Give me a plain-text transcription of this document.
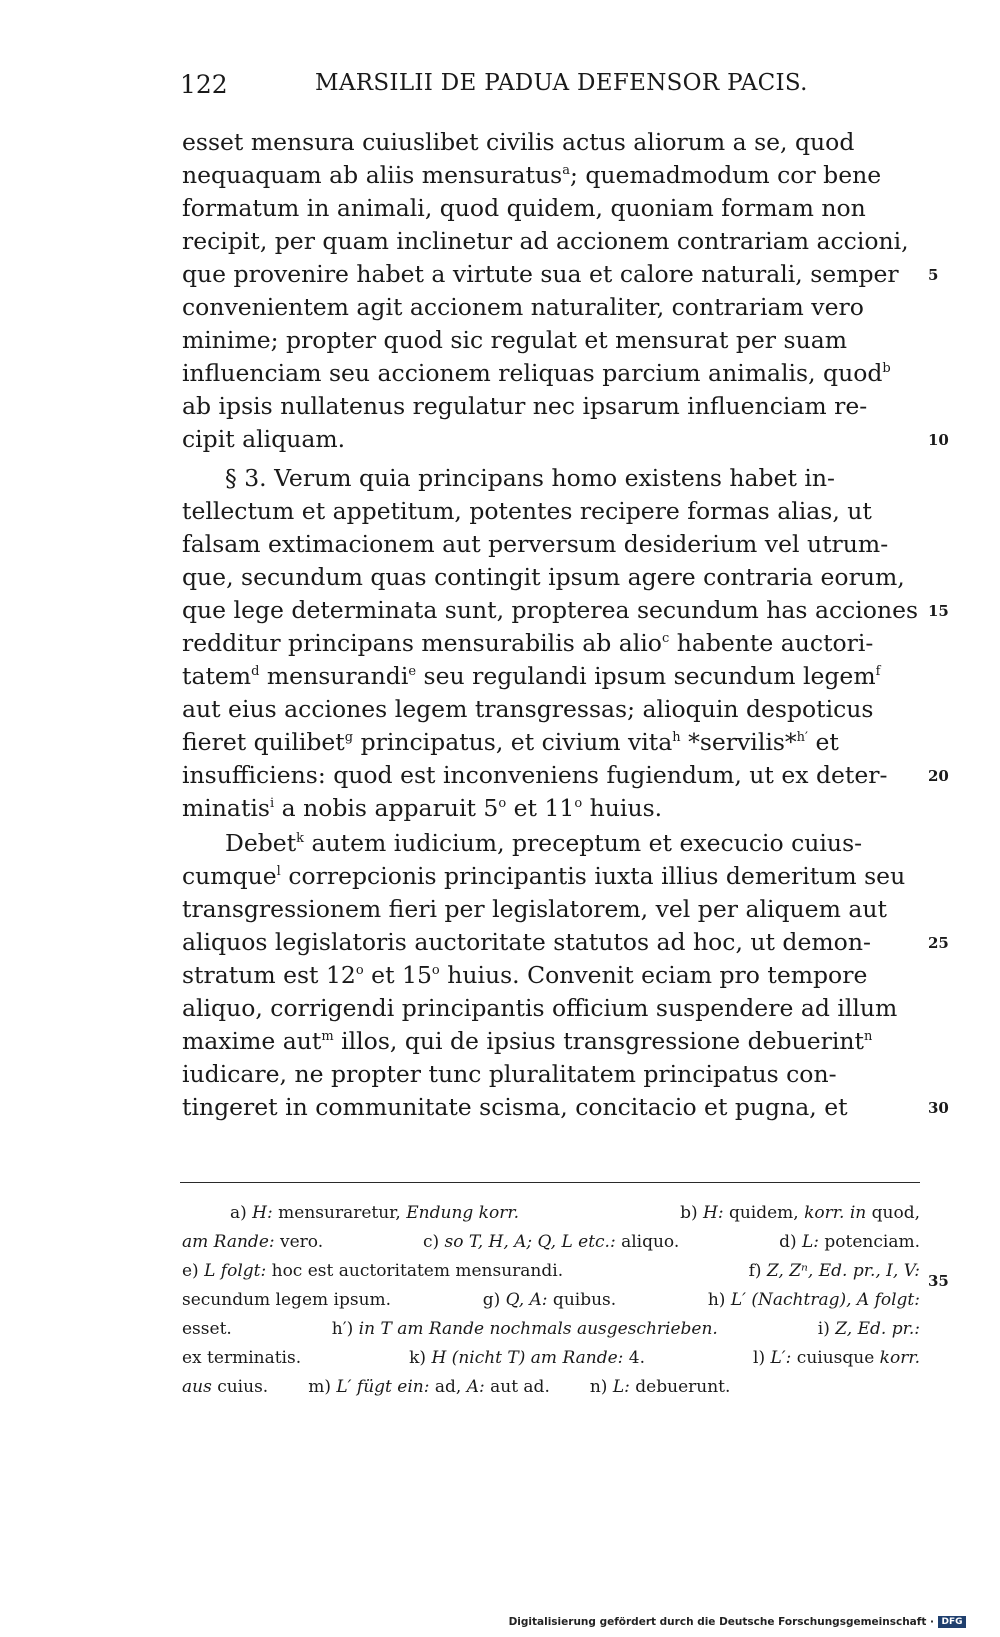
122	MARSILII DE PADUA DEFENSOR PACIS.
esset mensura cuiuslibet civilis actus aliorum a se, quod
nequaquam ab aliis mensuratus$^a$; quemadmodum cor bene
formatum in animali, quod quidem, quoniam formam non
recipit, per quam inclinetur ad accionem contrariam accioni,
que provenire habet a virtute sua et calore naturali, semper
convenientem agit accionem naturaliter, contrariam vero
minime; propter quod sic regulat et mensurat per suam
influenciam seu accionem reliquas parcium animalis, quod$^b$
ab ipsis nullatenus regulatur nec ipsarum influenciam re-
cipit aliquam.
§ 3. Verum quia principans homo existens habet in-
tellectum et appetitum, potentes recipere formas alias, ut
falsam extimacionem aut perversum desiderium vel utrum-
que, secundum quas contingit ipsum agere contraria eorum,
que lege determinata sunt, propterea secundum has acciones
redditur principans mensurabilis ab alio$^c$ habente auctori-
tatem$^d$ mensurandi$^e$ seu regulandi ipsum secundum legem$^f$
aut eius acciones legem transgressas; alioquin despoticus
fieret quilibet$^g$ principatus, et civium vita$^h$ *servilis*$^{h'}$ et
insufficiens: quod est inconveniens fugiendum, ut ex deter-
minatis$^i$ a nobis apparuit 5$^o$ et 11$^o$ huius.
Debet$^k$ autem iudicium, preceptum et execucio cuius-
cumque$^l$ correpcionis principantis iuxta illius demeritum seu
transgressionem fieri per legislatorem, vel per aliquem aut
aliquos legislatoris auctoritate statutos ad hoc, ut demon-
stratum est 12$^o$ et 15$^o$ huius. Convenit eciam pro tempore
aliquo, corrigendi principantis officium suspendere ad illum
maxime aut$^m$ illos, qui de ipsius transgressione debuerint$^n$
iudicare, ne propter tunc pluralitatem principatus con-
tingeret in communitate scisma, concitacio et pugna, et
5
10
15
20
25
30
35
a) H: mensuraretur, Endung korr.	b) H: quidem, korr. in quod,
am Rande: vero.	c) so T, H, A; Q, L etc.: aliquo.	d) L: potenciam.
e) L folgt: hoc est auctoritatem mensurandi.	f) Z, Zⁿ, Ed. pr., I, V:
secundum legem ipsum.	g) Q, A: quibus.	h) L′ (Nachtrag), A folgt:
esset.	h′) in T am Rande nochmals ausgeschrieben.	i) Z, Ed. pr.:
ex terminatis.	k) H (nicht T) am Rande: 4.	l) L′: cuiusque korr.
aus cuius. m) L′ fügt ein: ad, A: aut ad. n) L: debuerunt.
Digitalisierung gefördert durch die Deutsche Forschungsgemeinschaft · DFG
